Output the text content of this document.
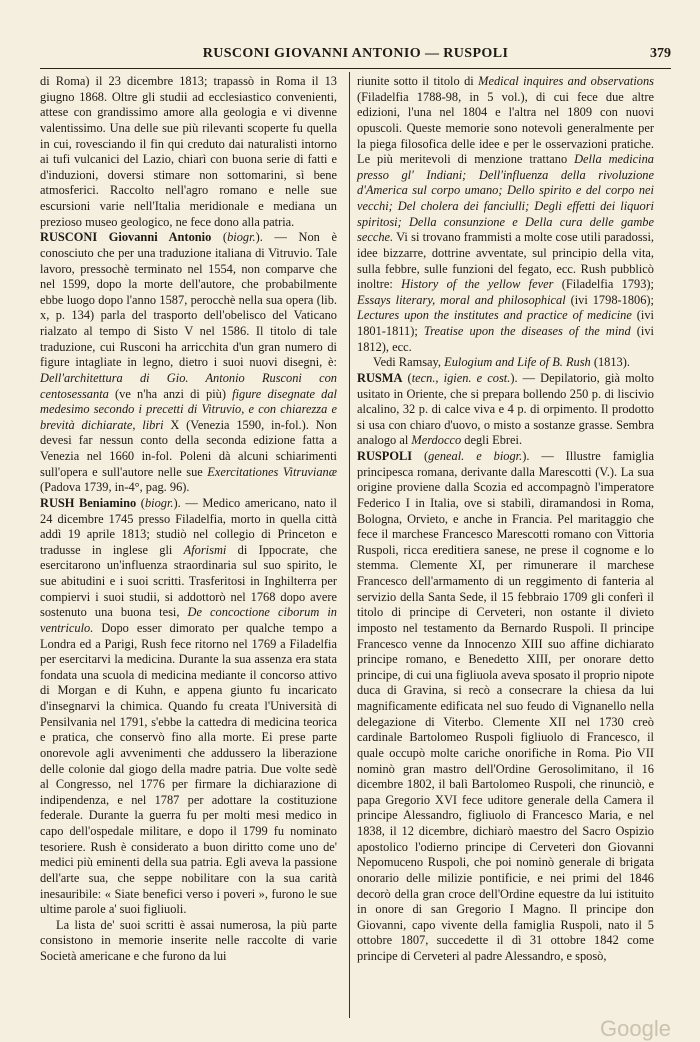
RUSCONI GIOVANNI ANTONIO — RUSPOLI	379

di Roma) il 23 dicembre 1813; trapassò in Roma il 13 giugno 1868. Oltre gli studii ad ecclesiastico convenienti, attese con grandissimo amore alla geologia e vi divenne valentissimo. Una delle sue più rilevanti scoperte fu quella in cui, rovesciando il fin qui creduto dai naturalisti intorno ai tufi vulcanici del Lazio, chiarì con buona serie di fatti e d'induzioni, doversi stimare non sottomarini, sì bene atmosferici. Raccolto nell'agro romano e nelle sue escursioni varie nell'Italia meridionale e mediana un prezioso museo geologico, ne fece dono alla patria.

RUSCONI Giovanni Antonio (biogr.). — Non è conosciuto che per una traduzione italiana di Vitruvio. Tale lavoro, pressochè terminato nel 1554, non comparve che nel 1599, dopo la morte dell'autore, che probabilmente ebbe luogo dopo l'anno 1587, perocchè nella sua opera (lib. x, p. 134) parla del trasporto dell'obelisco del Vaticano rialzato al tempo di Sisto V nel 1586. Il titolo di tale traduzione, cui Rusconi ha arricchita d'un gran numero di figure intagliate in legno, dietro i suoi nuovi disegni, è: Dell'architettura di Gio. Antonio Rusconi con centosessanta (ve n'ha anzi di più) figure disegnate dal medesimo secondo i precetti di Vitruvio, e con chiarezza e brevità dichiarate, libri X (Venezia 1590, in-fol.). Non devesi far nessun conto della seconda edizione fatta a Venezia nel 1660 in-fol. Poleni dà alcuni schiarimenti sull'opera e sull'autore nelle sue Exercitationes Vitruvianæ (Padova 1739, in-4°, pag. 96).

RUSH Beniamino (biogr.). — Medico americano, nato il 24 dicembre 1745 presso Filadelfia, morto in quella città addì 19 aprile 1813; studiò nel collegio di Princeton e tradusse in inglese gli Aforismi di Ippocrate, che esercitarono un'influenza straordinaria sul suo spirito, le sue abitudini e i suoi scritti. Trasferitosi in Inghilterra per compiervi i suoi studii, si addottorò nel 1768 dopo avere sostenuto una buona tesi, De concoctione ciborum in ventriculo. Dopo esser dimorato per qualche tempo a Londra ed a Parigi, Rush fece ritorno nel 1769 a Filadelfia per esercitarvi la medicina. Durante la sua assenza era stata fondata una scuola di medicina mediante il concorso attivo di Morgan e di Kuhn, e appena giunto fu incaricato d'insegnarvi la chimica. Quando fu creata l'Università di Pensilvania nel 1791, s'ebbe la cattedra di medicina teorica e pratica, che conservò fino alla morte. Ei prese parte onorevole agli avvenimenti che addussero la liberazione delle colonie dal giogo della madre patria. Due volte sedè al Congresso, nel 1776 per firmare la dichiarazione di indipendenza, e nel 1787 per adottare la costituzione federale. Durante la guerra fu per molti mesi medico in capo dell'ospedale militare, e dopo il 1799 fu nominato tesoriere. Rush è considerato a buon diritto come uno de' medici più eminenti della sua patria. Egli aveva la passione dell'arte sua, che seppe nobilitare con la sua carità inesauribile: « Siate benefici verso i poveri », furono le sue ultime parole a' suoi figliuoli.

La lista de' suoi scritti è assai numerosa, la più parte consistono in memorie inserite nelle raccolte di varie Società americane e che furono da lui

riunite sotto il titolo di Medical inquires and observations (Filadelfia 1788-98, in 5 vol.), di cui fece due altre edizioni, l'una nel 1804 e l'altra nel 1809 con nuovi opuscoli. Queste memorie sono notevoli generalmente per la piega filosofica delle idee e per le osservazioni pratiche. Le più meritevoli di menzione trattano Della medicina presso gl' Indiani; Dell'influenza della rivoluzione d'America sul corpo umano; Dello spirito e del corpo nei vecchi; Del cholera dei fanciulli; Degli effetti dei liquori spiritosi; Della consunzione e Della cura delle gambe secche. Vi si trovano frammisti a molte cose utili paradossi, idee bizzarre, dottrine avventate, sul principio della vita, sulla febbre, sulle funzioni del fegato, ecc. Rush pubblicò inoltre: History of the yellow fever (Filadelfia 1793); Essays literary, moral and philosophical (ivi 1798-1806); Lectures upon the institutes and practice of medicine (ivi 1801-1811); Treatise upon the diseases of the mind (ivi 1812), ecc.

Vedi Ramsay, Eulogium and Life of B. Rush (1813).

RUSMA (tecn., igien. e cost.). — Depilatorio, già molto usitato in Oriente, che si prepara bollendo 250 p. di liscivio alcalino, 32 p. di calce viva e 4 p. di orpimento. Il prodotto si usa con chiaro d'uovo, o misto a sostanze grasse. Sembra analogo al Merdocco degli Ebrei.

RUSPOLI (geneal. e biogr.). — Illustre famiglia principesca romana, derivante dalla Marescotti (V.). La sua origine proviene dalla Scozia ed accompagnò l'imperatore Federico I in Italia, ove si stabilì, diramandosi in Roma, Bologna, Orvieto, e anche in Francia. Pel maritaggio che fece il marchese Francesco Marescotti romano con Vittoria Ruspoli, ricca ereditiera sanese, ne prese il cognome e lo stemma. Clemente XI, per rimunerare il marchese Francesco dell'armamento di un reggimento di fanteria al servizio della Santa Sede, il 15 febbraio 1709 gli conferì il titolo di principe di Cerveteri, non ostante il divieto imposto nel testamento da Bernardo Ruspoli. Il principe Francesco venne da Innocenzo XIII suo affine dichiarato principe romano, e Benedetto XIII, per onorare detto principe, di cui una figliuola aveva sposato il proprio nipote duca di Gravina, si recò a consecrare la chiesa da lui magnificamente edificata nel suo feudo di Vignanello nella delegazione di Viterbo. Clemente XII nel 1730 creò cardinale Bartolomeo Ruspoli figliuolo di Francesco, il quale occupò molte cariche onorifiche in Roma. Pio VII nominò gran mastro dell'Ordine Gerosolimitano, il 16 dicembre 1802, il balì Bartolomeo Ruspoli, che rinunciò, e papa Gregorio XVI fece uditore generale della Camera il principe Alessandro, figliuolo di Francesco Maria, e nel 1838, il 12 dicembre, dichiarò maestro del Sacro Ospizio apostolico l'odierno principe di Cerveteri don Giovanni Nepomuceno Ruspoli, che poi nominò generale di brigata onorario delle milizie pontificie, e nei primi del 1846 decorò della gran croce dell'Ordine equestre da lui istituito in onore di san Gregorio I Magno. Il principe don Giovanni, capo vivente della famiglia Ruspoli, nato il 5 ottobre 1807, succedette il dì 31 ottobre 1842 come principe di Cerveteri al padre Alessandro, e sposò,

Google
